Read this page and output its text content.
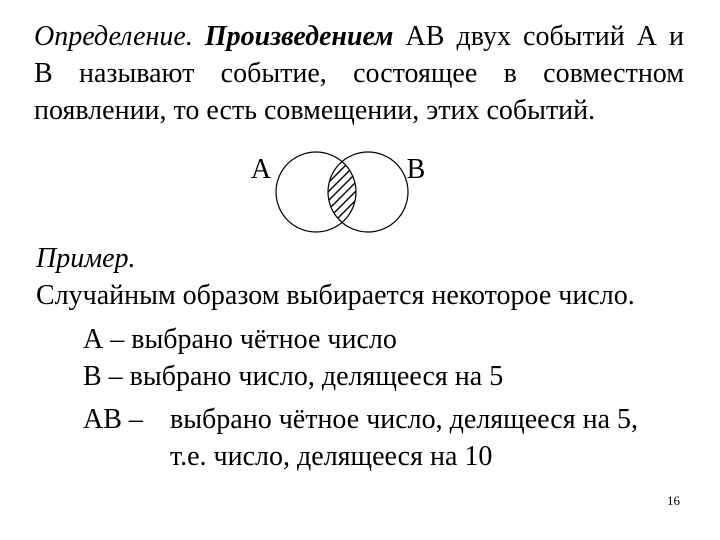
Определение. Произведением АВ двух событий А и
В называют событие, состоящее в совместном
появлении, то есть совмещении, этих событий.
А	В
Пример.
Случайным образом выбирается некоторое число.
А – выбрано чётное число
В – выбрано число, делящееся на 5
АВ – выбрано чётное число, делящееся на 5,
т.е. число, делящееся на 10
16
